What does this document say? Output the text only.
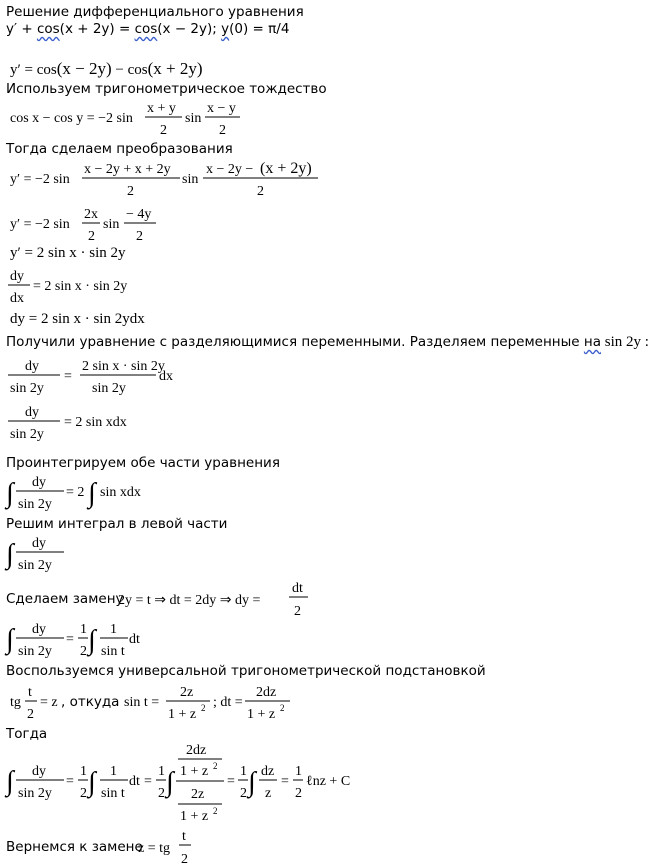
Решение дифференциального уравнения
y′ + cos(x + 2y) = cos(x − 2y); y(0) = π/4
y′ = cos(x − 2y) − cos(x + 2y)
Используем тригонометрическое тождество
cos x − cos y = −2 sin
x + y
2
sin
x − y
2
Тогда сделаем преобразования
y′ = −2 sin
x − 2y + x + 2y
2
sin
x − 2y − (x + 2y)
2
y′ = −2 sin
2x
2
sin
− 4y
2
y′ = 2 sin x · sin 2y
dy
dx
= 2 sin x · sin 2y
dy = 2 sin x · sin 2ydx
Получили уравнение с разделяющимися переменными. Разделяем переменные на sin 2y :
dy
sin 2y
=
2 sin x · sin 2y
sin 2y
dx
dy
sin 2y
= 2 sin xdx
Проинтегрируем обе части уравнения
∫ dy
sin 2y
= 2 ∫ sin xdx
Решим интеграл в левой части
∫ dy
sin 2y
Сделаем замену
2y = t ⇒ dt = 2dy ⇒ dy =
dt
2
∫ dy
sin 2y
=
1
2 ∫ 1
sin t
dt
Воспользуемся универсальной тригонометрической подстановкой
tg
t
2
= z , откуда sin t =
2z
1 + z 2 ; dt =
2dz
1 + z 2
Тогда
∫ dy
sin 2y
=
1
2 ∫ 1
sin t
dt =
1
2 ∫
2dz
1 + z 2
2z
1 + z 2
=
1
2 ∫ dz
z
=
1
2
ℓnz + C
Вернемся к замене
z = tg
t
2
